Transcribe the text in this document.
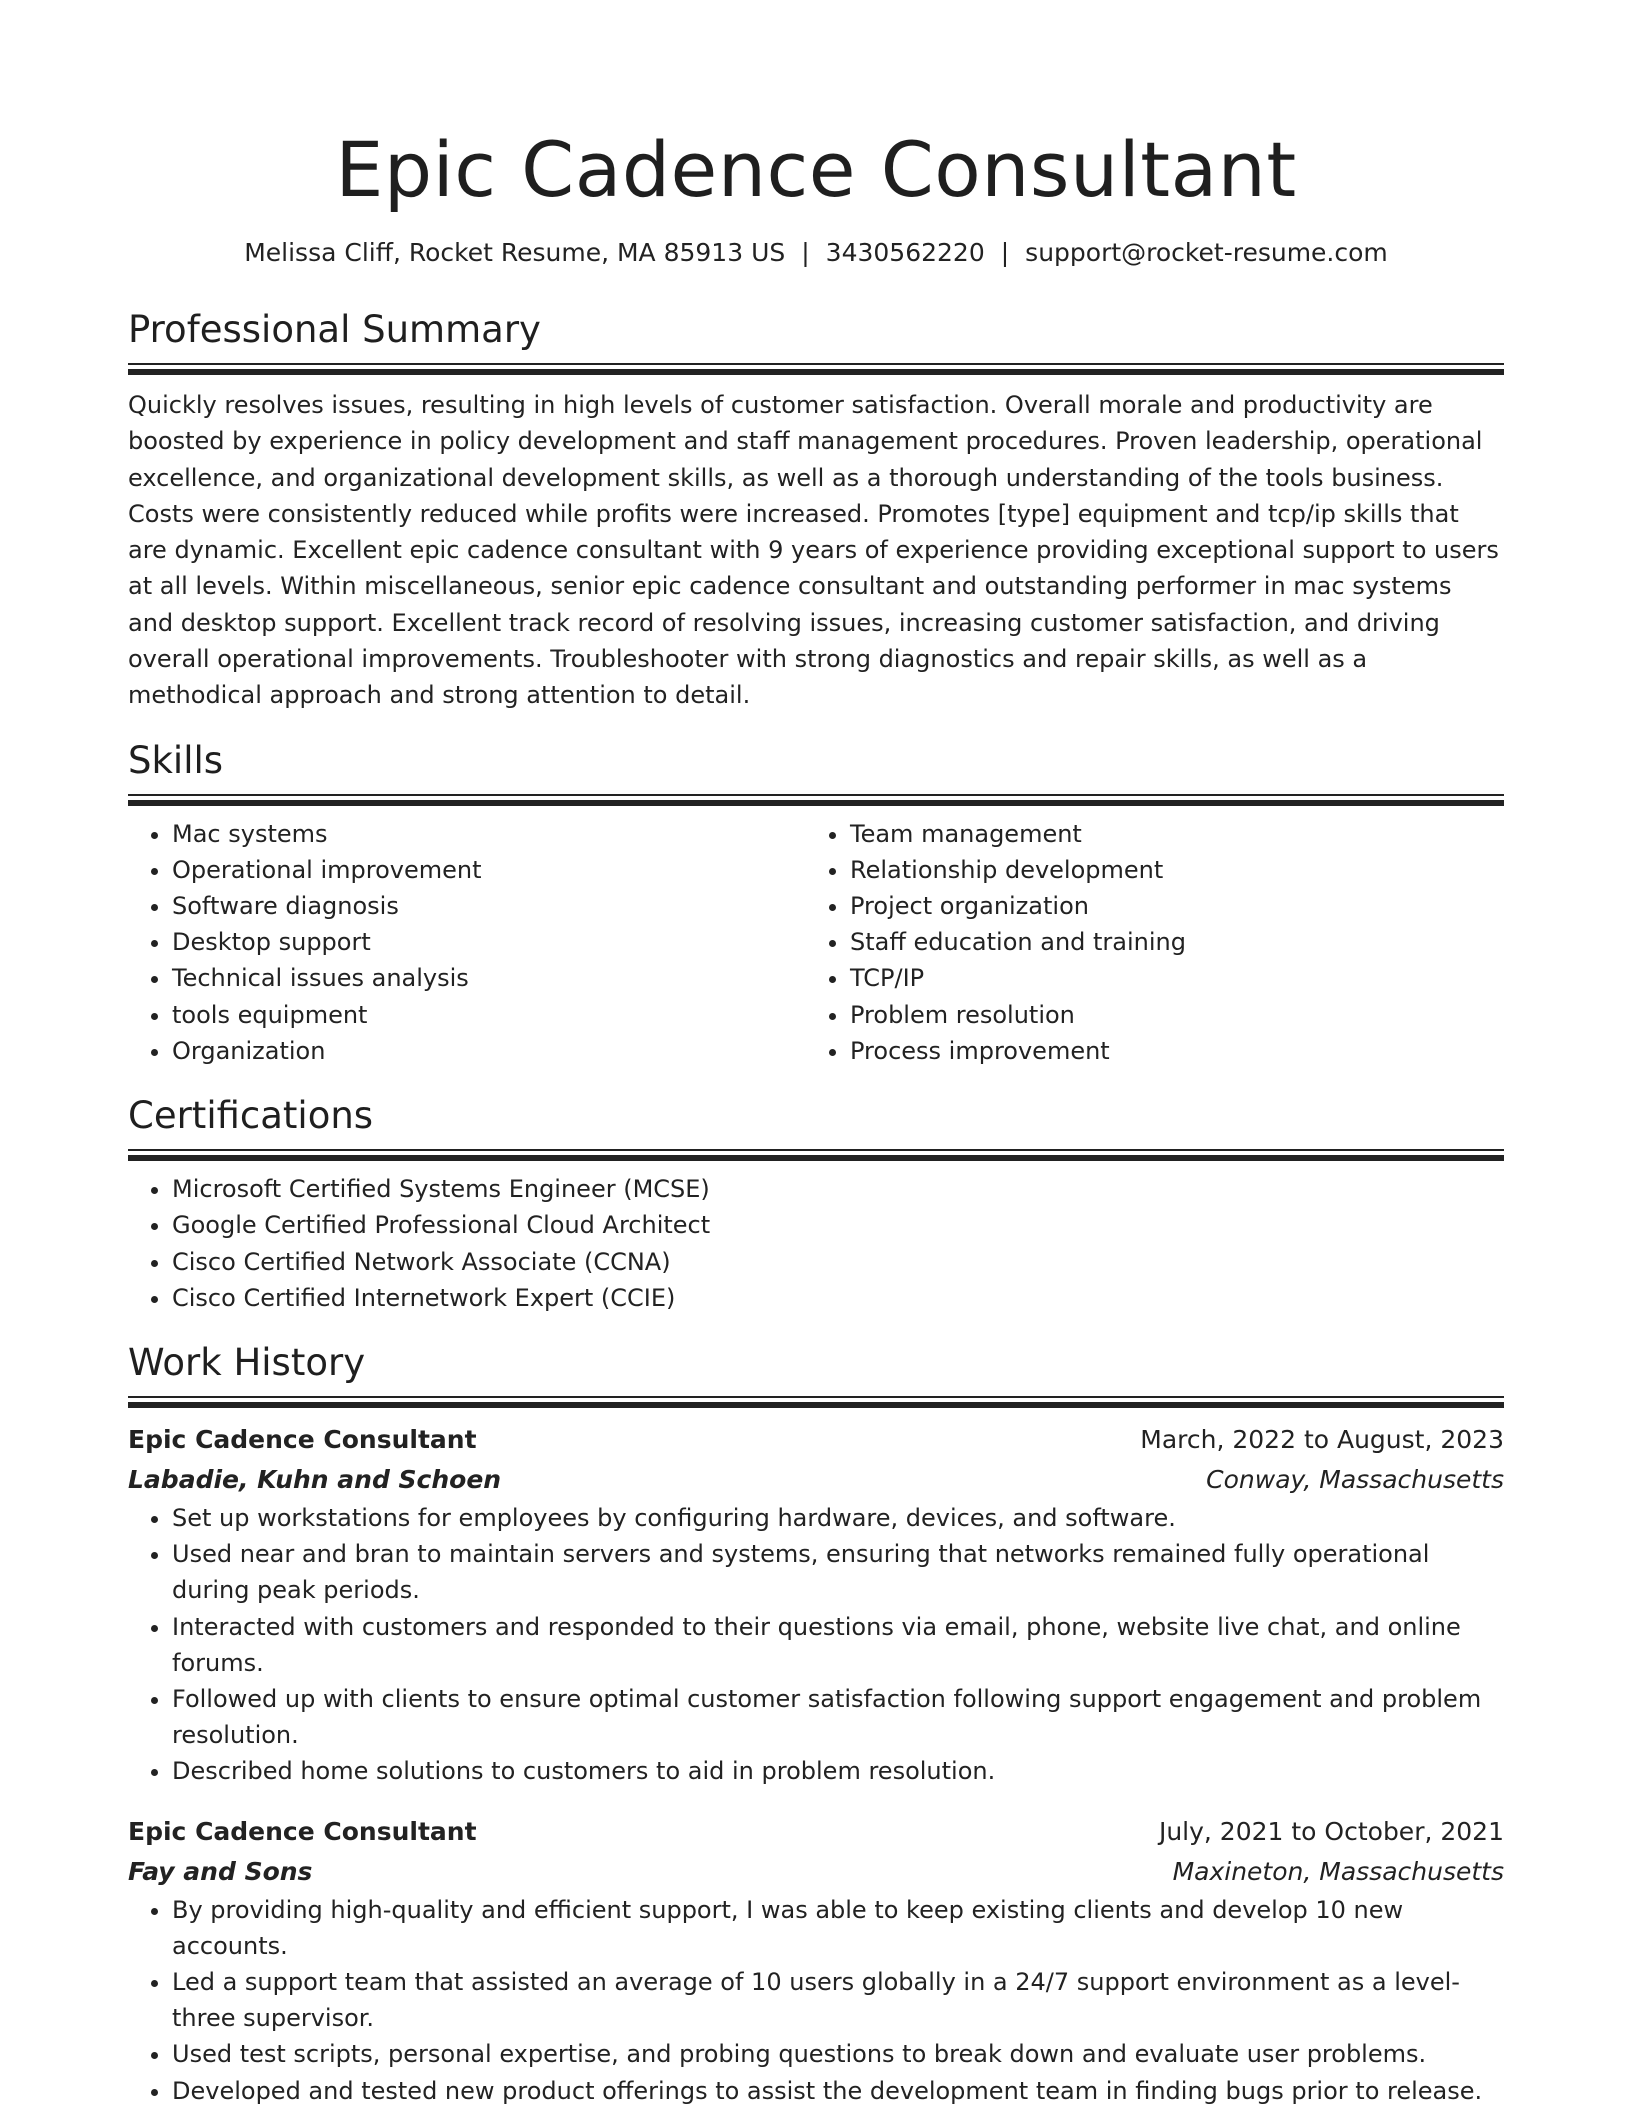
Epic Cadence Consultant
Melissa Cliff, Rocket Resume, MA 85913 US | 3430562220 | support@rocket-resume.com
Professional Summary
Quickly resolves issues, resulting in high levels of customer satisfaction. Overall morale and productivity are boosted by experience in policy development and staff management procedures. Proven leadership, operational excellence, and organizational development skills, as well as a thorough understanding of the tools business. Costs were consistently reduced while profits were increased. Promotes [type] equipment and tcp/ip skills that are dynamic. Excellent epic cadence consultant with 9 years of experience providing exceptional support to users at all levels. Within miscellaneous, senior epic cadence consultant and outstanding performer in mac systems and desktop support. Excellent track record of resolving issues, increasing customer satisfaction, and driving overall operational improvements. Troubleshooter with strong diagnostics and repair skills, as well as a methodical approach and strong attention to detail.
Skills
• Mac systems
• Operational improvement
• Software diagnosis
• Desktop support
• Technical issues analysis
• tools equipment
• Organization
• Team management
• Relationship development
• Project organization
• Staff education and training
• TCP/IP
• Problem resolution
• Process improvement
Certifications
• Microsoft Certified Systems Engineer (MCSE)
• Google Certified Professional Cloud Architect
• Cisco Certified Network Associate (CCNA)
• Cisco Certified Internetwork Expert (CCIE)
Work History
Epic Cadence Consultant	March, 2022 to August, 2023
Labadie, Kuhn and Schoen	Conway, Massachusetts
• Set up workstations for employees by configuring hardware, devices, and software.
• Used near and bran to maintain servers and systems, ensuring that networks remained fully operational during peak periods.
• Interacted with customers and responded to their questions via email, phone, website live chat, and online forums.
• Followed up with clients to ensure optimal customer satisfaction following support engagement and problem resolution.
• Described home solutions to customers to aid in problem resolution.
Epic Cadence Consultant	July, 2021 to October, 2021
Fay and Sons	Maxineton, Massachusetts
• By providing high-quality and efficient support, I was able to keep existing clients and develop 10 new accounts.
• Led a support team that assisted an average of 10 users globally in a 24/7 support environment as a level-three supervisor.
• Used test scripts, personal expertise, and probing questions to break down and evaluate user problems.
• Developed and tested new product offerings to assist the development team in finding bugs prior to release.
